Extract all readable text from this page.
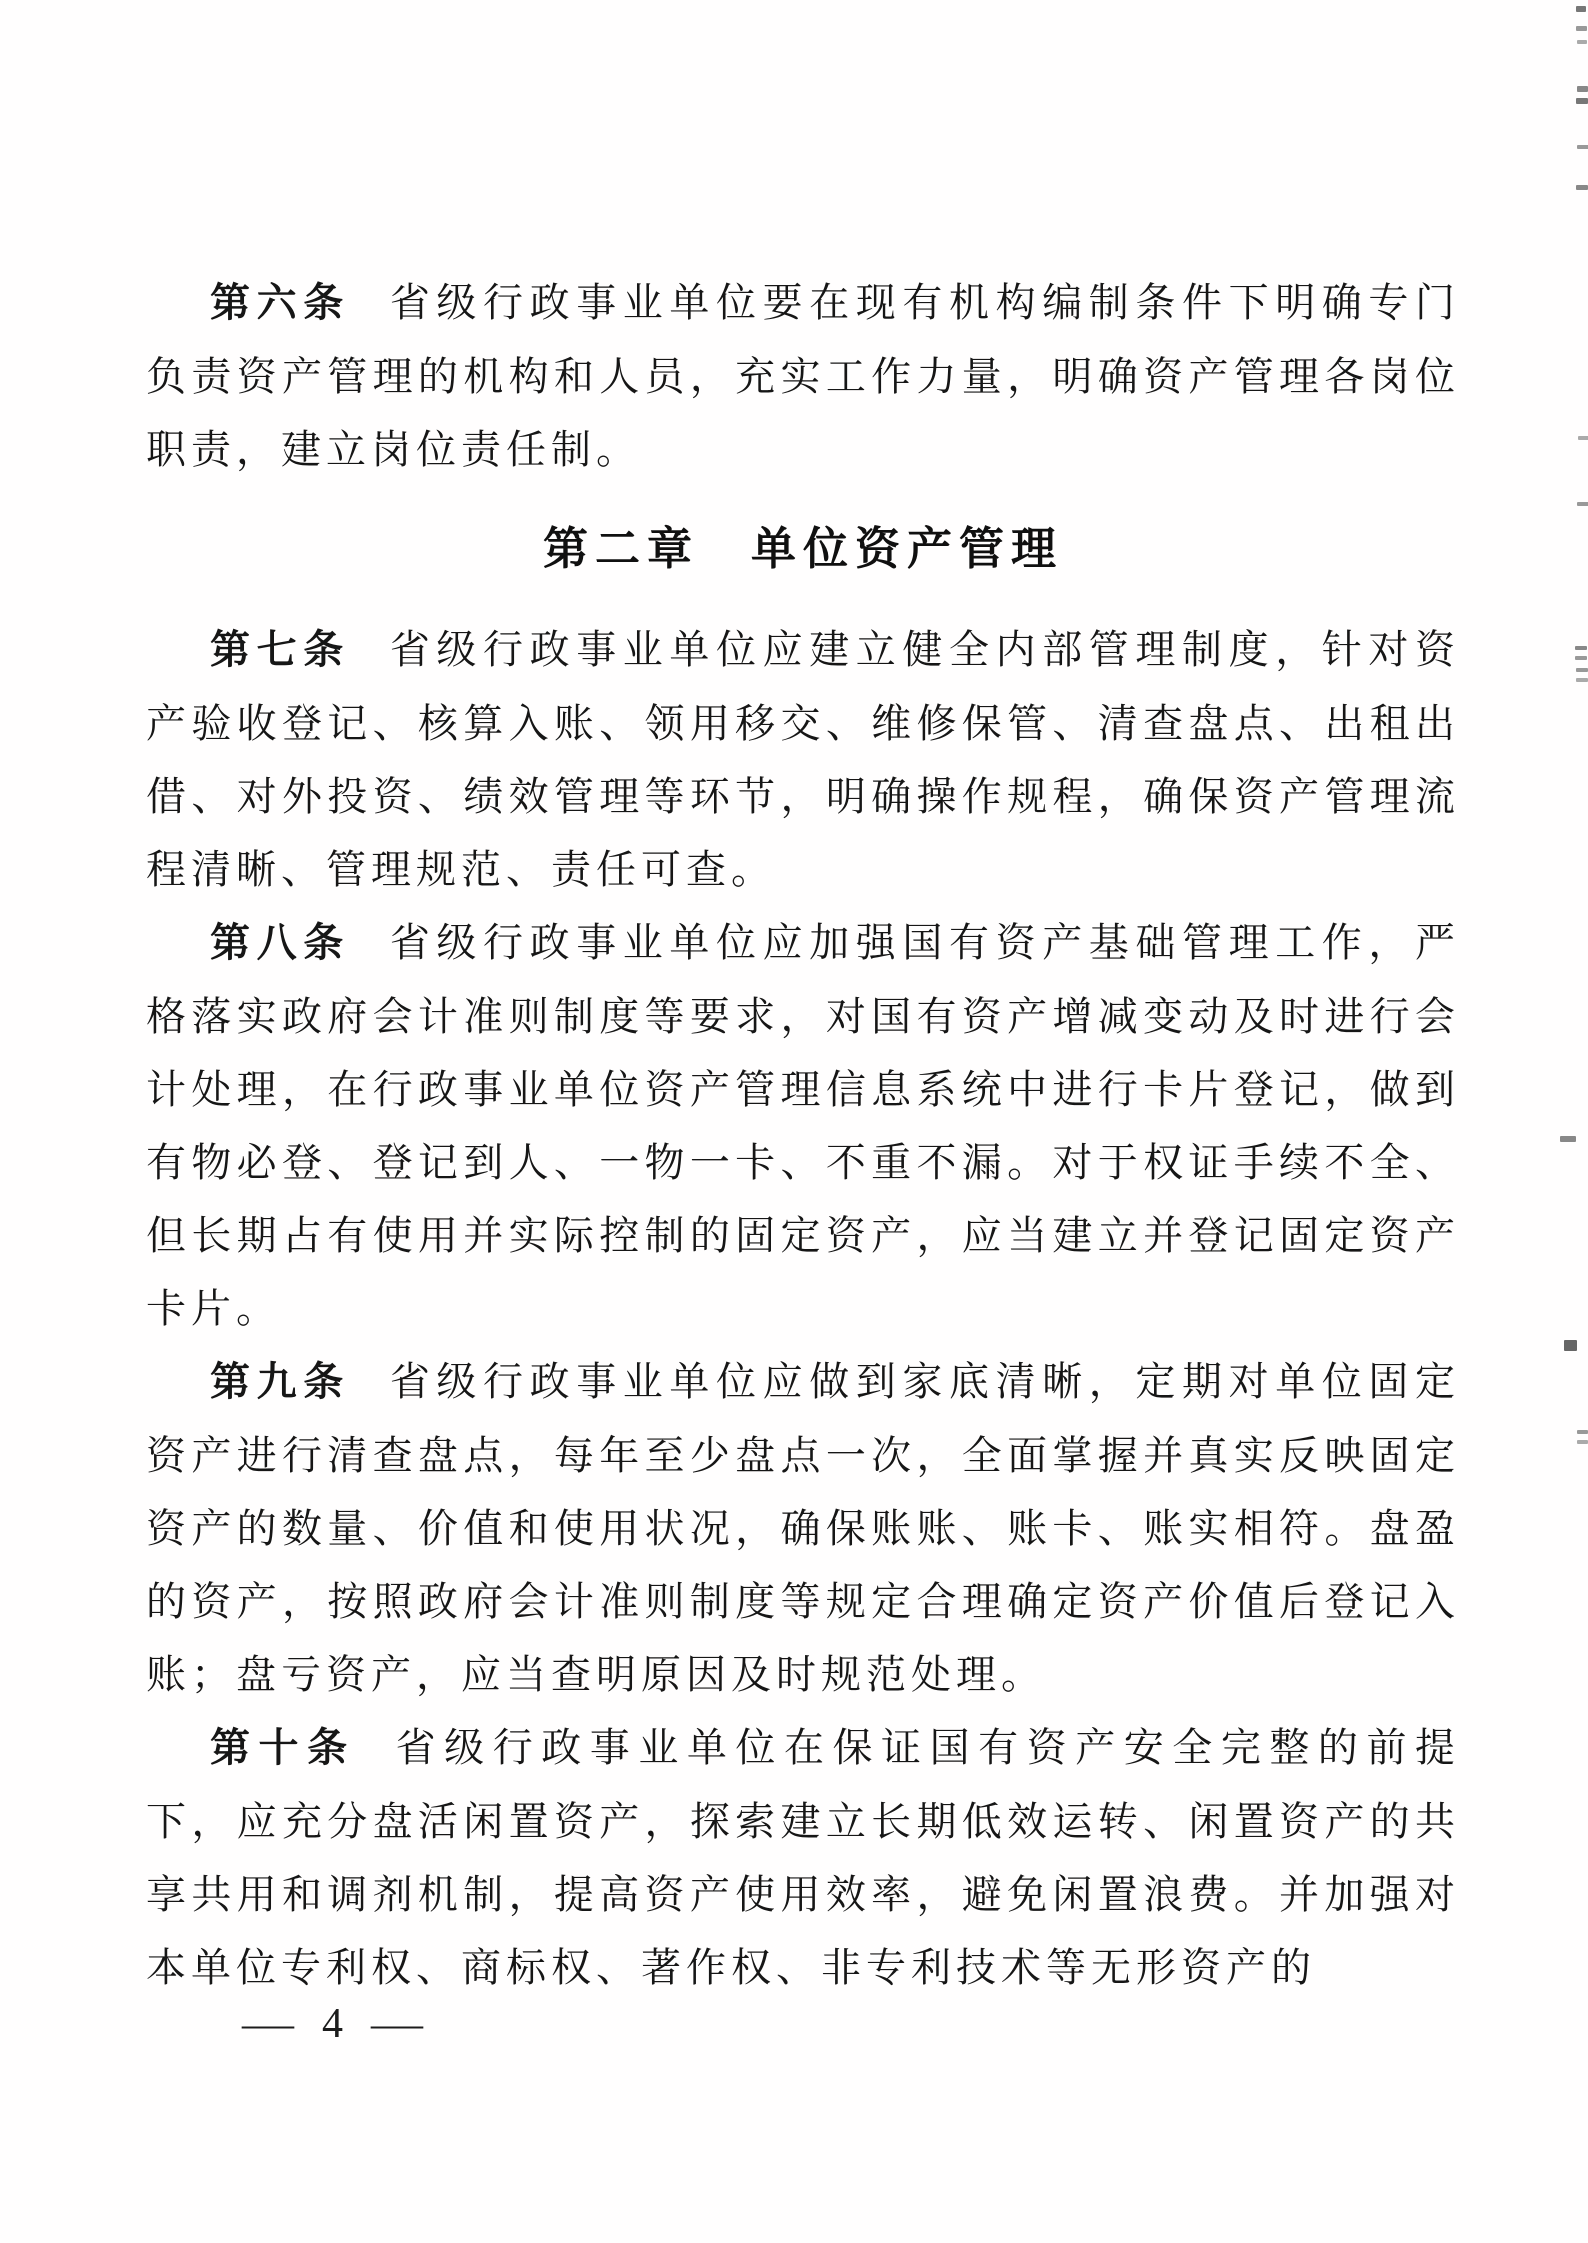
第六条 省级行政事业单位要在现有机构编制条件下明确专门负责资产管理的机构和人员，充实工作力量，明确资产管理各岗位职责，建立岗位责任制。

第二章　单位资产管理

第七条 省级行政事业单位应建立健全内部管理制度，针对资产验收登记、核算入账、领用移交、维修保管、清查盘点、出租出借、对外投资、绩效管理等环节，明确操作规程，确保资产管理流程清晰、管理规范、责任可查。

第八条 省级行政事业单位应加强国有资产基础管理工作，严格落实政府会计准则制度等要求，对国有资产增减变动及时进行会计处理，在行政事业单位资产管理信息系统中进行卡片登记，做到有物必登、登记到人、一物一卡、不重不漏。对于权证手续不全、但长期占有使用并实际控制的固定资产，应当建立并登记固定资产卡片。

第九条 省级行政事业单位应做到家底清晰，定期对单位固定资产进行清查盘点，每年至少盘点一次，全面掌握并真实反映固定资产的数量、价值和使用状况，确保账账、账卡、账实相符。盘盈的资产，按照政府会计准则制度等规定合理确定资产价值后登记入账；盘亏资产，应当查明原因及时规范处理。

第十条 省级行政事业单位在保证国有资产安全完整的前提下，应充分盘活闲置资产，探索建立长期低效运转、闲置资产的共享共用和调剂机制，提高资产使用效率，避免闲置浪费。并加强对本单位专利权、商标权、著作权、非专利技术等无形资产的

— 4 —
